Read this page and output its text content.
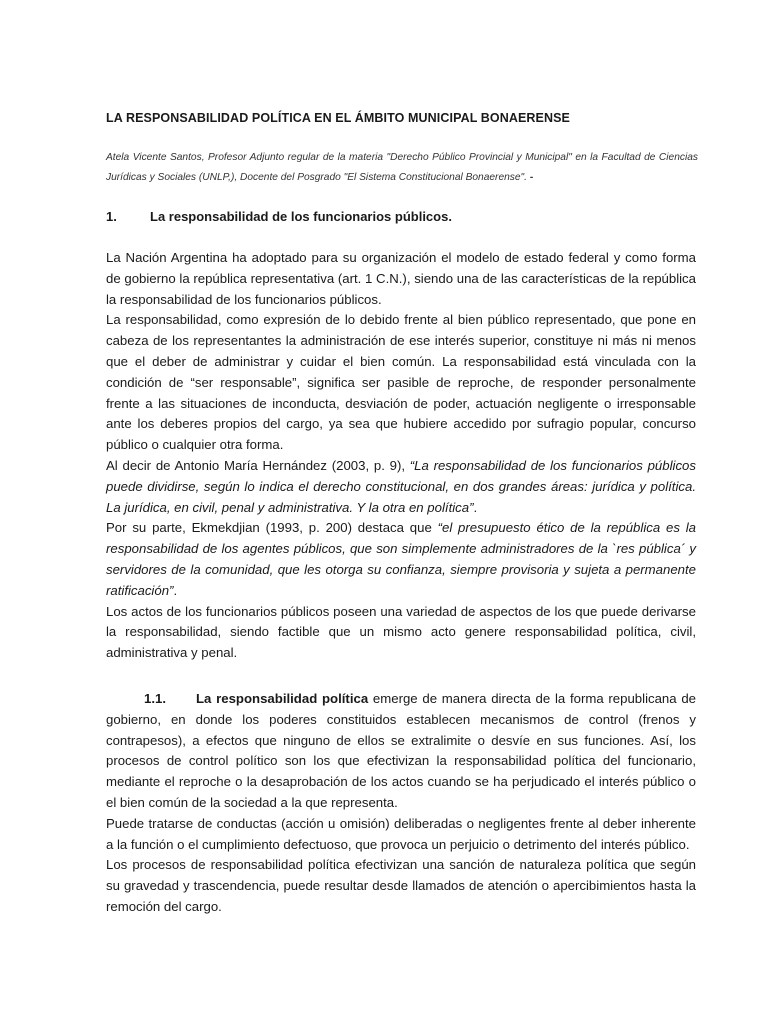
LA RESPONSABILIDAD POLÍTICA EN EL ÁMBITO MUNICIPAL BONAERENSE
Atela Vicente Santos, Profesor Adjunto regular de la materia "Derecho Público Provincial y Municipal" en la Facultad de Ciencias Jurídicas y Sociales (UNLP,), Docente del Posgrado "El Sistema Constitucional Bonaerense". -
1.	La responsabilidad de los funcionarios públicos.

La Nación Argentina ha adoptado para su organización el modelo de estado federal y como forma de gobierno la república representativa (art. 1 C.N.), siendo una de las características de la república la responsabilidad de los funcionarios públicos.

La responsabilidad, como expresión de lo debido frente al bien público representado, que pone en cabeza de los representantes la administración de ese interés superior, constituye ni más ni menos que el deber de administrar y cuidar el bien común. La responsabilidad está vinculada con la condición de “ser responsable”, significa ser pasible de reproche, de responder personalmente frente a las situaciones de inconducta, desviación de poder, actuación negligente o irresponsable ante los deberes propios del cargo, ya sea que hubiere accedido por sufragio popular, concurso público o cualquier otra forma.

Al decir de Antonio María Hernández (2003, p. 9), “La responsabilidad de los funcionarios públicos puede dividirse, según lo indica el derecho constitucional, en dos grandes áreas: jurídica y política. La jurídica, en civil, penal y administrativa. Y la otra en política”.

Por su parte, Ekmekdjian (1993, p. 200) destaca que “el presupuesto ético de la república es la responsabilidad de los agentes públicos, que son simplemente administradores de la `res pública´ y servidores de la comunidad, que les otorga su confianza, siempre provisoria y sujeta a permanente ratificación”.

Los actos de los funcionarios públicos poseen una variedad de aspectos de los que puede derivarse la responsabilidad, siendo factible que un mismo acto genere responsabilidad política, civil, administrativa y penal.

1.1. La responsabilidad política emerge de manera directa de la forma republicana de gobierno, en donde los poderes constituidos establecen mecanismos de control (frenos y contrapesos), a efectos que ninguno de ellos se extralimite o desvíe en sus funciones. Así, los procesos de control político son los que efectivizan la responsabilidad política del funcionario, mediante el reproche o la desaprobación de los actos cuando se ha perjudicado el interés público o el bien común de la sociedad a la que representa.

Puede tratarse de conductas (acción u omisión) deliberadas o negligentes frente al deber inherente a la función o el cumplimiento defectuoso, que provoca un perjuicio o detrimento del interés público.

Los procesos de responsabilidad política efectivizan una sanción de naturaleza política que según su gravedad y trascendencia, puede resultar desde llamados de atención o apercibimientos hasta la remoción del cargo.
